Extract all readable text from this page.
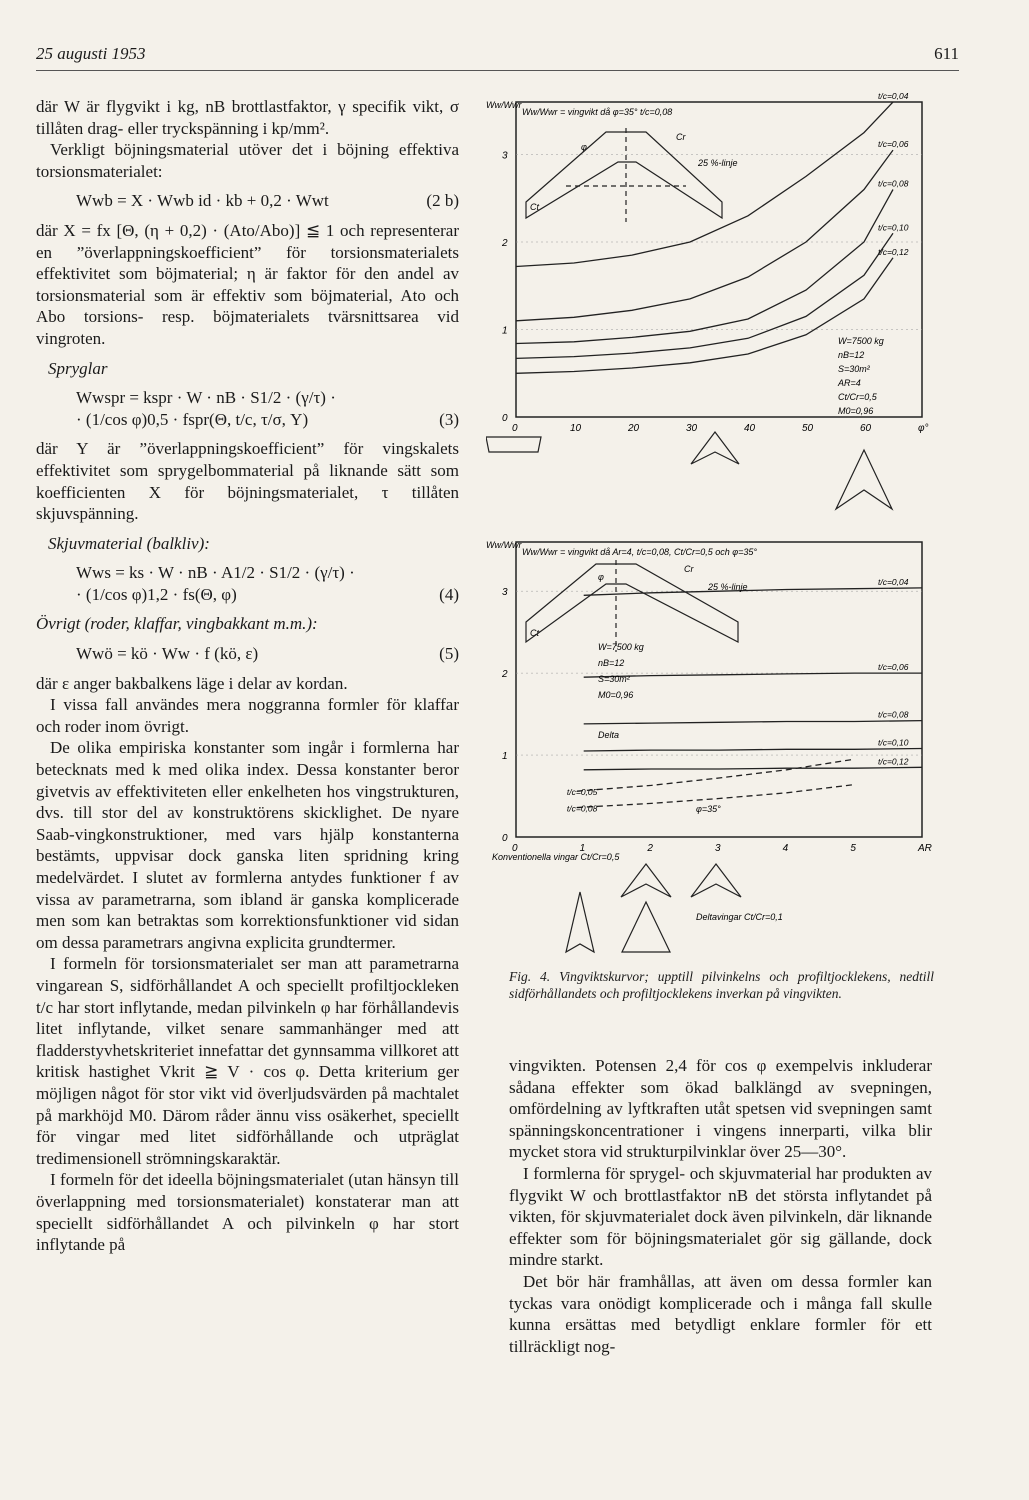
25 augusti 1953	611

där W är flygvikt i kg, nB brottlastfaktor, γ specifik vikt, σ tillåten drag- eller tryckspänning i kp/mm².

Verkligt böjningsmaterial utöver det i böjning effektiva torsionsmaterialet:

Wwb = X · Wwb id · kb + 0,2 · Wwt	(2 b)

där X = fx [Θ, (η + 0,2) · (Ato/Abo)] ≦ 1 och representerar en ”överlappningskoefficient” för torsionsmaterialets effektivitet som böjmaterial; η är faktor för den andel av torsionsmaterial som är effektiv som böjmaterial, Ato och Abo torsions- resp. böjmaterialets tvärsnittsarea vid vingroten.

Spryglar
Wwspr = kspr · W · nB · S1/2 · (γ/τ) ·
· (1/cos φ)0,5 · fspr(Θ, t/c, τ/σ, Y)	(3)

där Y är ”överlappningskoefficient” för vingskalets effektivitet som sprygelbommaterial på liknande sätt som koefficienten X för böjningsmaterialet, τ tillåten skjuvspänning.

Skjuvmaterial (balkliv):
Wws = ks · W · nB · A1/2 · S1/2 · (γ/τ) ·
· (1/cos φ)1,2 · fs(Θ, φ)	(4)
Övrigt (roder, klaffar, vingbakkant m.m.):
Wwö = kö · Ww · f (kö, ε)	(5)

där ε anger bakbalkens läge i delar av kordan.

I vissa fall användes mera noggranna formler för klaffar och roder inom övrigt.

De olika empiriska konstanter som ingår i formlerna har betecknats med k med olika index. Dessa konstanter beror givetvis av effektiviteten eller enkelheten hos vingstrukturen, dvs. till stor del av konstruktörens skicklighet. De nyare Saab-vingkonstruktioner, med vars hjälp konstanterna bestämts, uppvisar dock ganska liten spridning kring medelvärdet. I slutet av formlerna antydes funktioner f av vissa av parametrarna, som ibland är ganska komplicerade men som kan betraktas som korrektionsfunktioner vid sidan om dessa parametrars angivna explicita grundtermer.

I formeln för torsionsmaterialet ser man att parametrarna vingarean S, sidförhållandet A och speciellt profiltjockleken t/c har stort inflytande, medan pilvinkeln φ har förhållandevis litet inflytande, vilket senare sammanhänger med att fladderstyvhetskriteriet innefattar det gynnsamma villkoret att kritisk hastighet Vkrit ≧ V · cos φ. Detta kriterium ger möjligen något för stor vikt vid överljudsvärden på machtalet på markhöjd M0. Därom råder ännu viss osäkerhet, speciellt för vingar med litet sidförhållande och utpräglat tredimensionell strömningskaraktär.

I formeln för det ideella böjningsmaterialet (utan hänsyn till överlappning med torsionsmaterialet) konstaterar man att speciellt sidförhållandet A och pilvinkeln φ har stort inflytande på

Ww/Wwr = vingvikt då φ=35° t/c=0,08
Ww/Wwr
0
1
2
3
0	10	20	30	40	50	60	φ°
t/c=0,04
t/c=0,06
t/c=0,08
t/c=0,10
t/c=0,12
25 %-linje
Cr
Ct
φ
W=7500 kg
nB=12
S=30m²
AR=4
Ct/Cr=0,5
M0=0,96
Ww/Wwr = vingvikt då Ar=4, t/c=0,08, Ct/Cr=0,5 och φ=35°
Ww/Wwr
0
1
2
3
0	1	2	3	4	5	AR
t/c=0,04
t/c=0,06
t/c=0,08
t/c=0,10
t/c=0,12
t/c=0,05
t/c=0,08
25 %-linje
Cr
Ct
φ
W=7500 kg
nB=12
S=30m²
M0=0,96
Delta
φ=35°
Konventionella vingar Ct/Cr=0,5
Deltavingar Ct/Cr=0,1
Fig. 4. Vingviktskurvor; upptill pilvinkelns och profiltjocklekens, nedtill sidförhållandets och profiltjocklekens inverkan på vingvikten.

vingvikten. Potensen 2,4 för cos φ exempelvis inkluderar sådana effekter som ökad balklängd av svepningen, omfördelning av lyftkraften utåt spetsen vid svepningen samt spänningskoncentrationer i vingens innerparti, vilka blir mycket stora vid strukturpilvinklar över 25—30°.

I formlerna för sprygel- och skjuvmaterial har produkten av flygvikt W och brottlastfaktor nB det största inflytandet på vikten, för skjuvmaterialet dock även pilvinkeln, där liknande effekter som för böjningsmaterialet gör sig gällande, dock mindre starkt.

Det bör här framhållas, att även om dessa formler kan tyckas vara onödigt komplicerade och i många fall skulle kunna ersättas med betydligt enklare formler för ett tillräckligt nog-
